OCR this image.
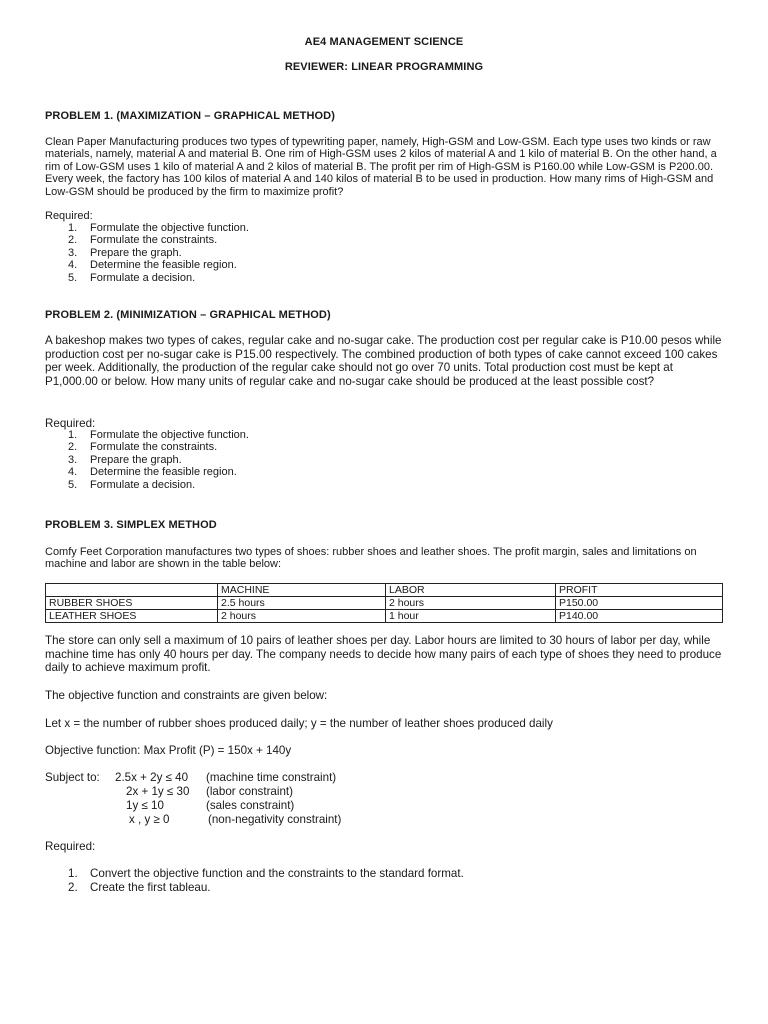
AE4 MANAGEMENT SCIENCE
REVIEWER: LINEAR PROGRAMMING
PROBLEM 1. (MAXIMIZATION – GRAPHICAL METHOD)
Clean Paper Manufacturing produces two types of typewriting paper, namely, High-GSM and Low-GSM. Each type uses two kinds or raw materials, namely, material A and material B. One rim of High-GSM uses 2 kilos of material A and 1 kilo of material B. On the other hand, a rim of Low-GSM uses 1 kilo of material A and 2 kilos of material B. The profit per rim of High-GSM is P160.00 while Low-GSM is P200.00. Every week, the factory has 100 kilos of material A and 140 kilos of material B to be used in production. How many rims of High-GSM and Low-GSM should be produced by the firm to maximize profit?
Required:
1. Formulate the objective function.
2. Formulate the constraints.
3. Prepare the graph.
4. Determine the feasible region.
5. Formulate a decision.
PROBLEM 2. (MINIMIZATION – GRAPHICAL METHOD)
A bakeshop makes two types of cakes, regular cake and no-sugar cake. The production cost per regular cake is P10.00 pesos while production cost per no-sugar cake is P15.00 respectively. The combined production of both types of cake cannot exceed 100 cakes per week. Additionally, the production of the regular cake should not go over 70 units. Total production cost must be kept at P1,000.00 or below. How many units of regular cake and no-sugar cake should be produced at the least possible cost?
Required:
1. Formulate the objective function.
2. Formulate the constraints.
3. Prepare the graph.
4. Determine the feasible region.
5. Formulate a decision.
PROBLEM 3. SIMPLEX METHOD
Comfy Feet Corporation manufactures two types of shoes: rubber shoes and leather shoes. The profit margin, sales and limitations on machine and labor are shown in the table below:
	MACHINE	LABOR	PROFIT
RUBBER SHOES	2.5 hours	2 hours	P150.00
LEATHER SHOES	2 hours	1 hour	P140.00
The store can only sell a maximum of 10 pairs of leather shoes per day. Labor hours are limited to 30 hours of labor per day, while machine time has only 40 hours per day. The company needs to decide how many pairs of each type of shoes they need to produce daily to achieve maximum profit.
The objective function and constraints are given below:
Let x = the number of rubber shoes produced daily; y = the number of leather shoes produced daily
Objective function: Max Profit (P) = 150x + 140y
Subject to: 2.5x + 2y ≤ 40 (machine time constraint)
2x + 1y ≤ 30 (labor constraint)
1y ≤ 10	(sales constraint)
x , y ≥ 0	(non-negativity constraint)
Required:
1. Convert the objective function and the constraints to the standard format.
2. Create the first tableau.
